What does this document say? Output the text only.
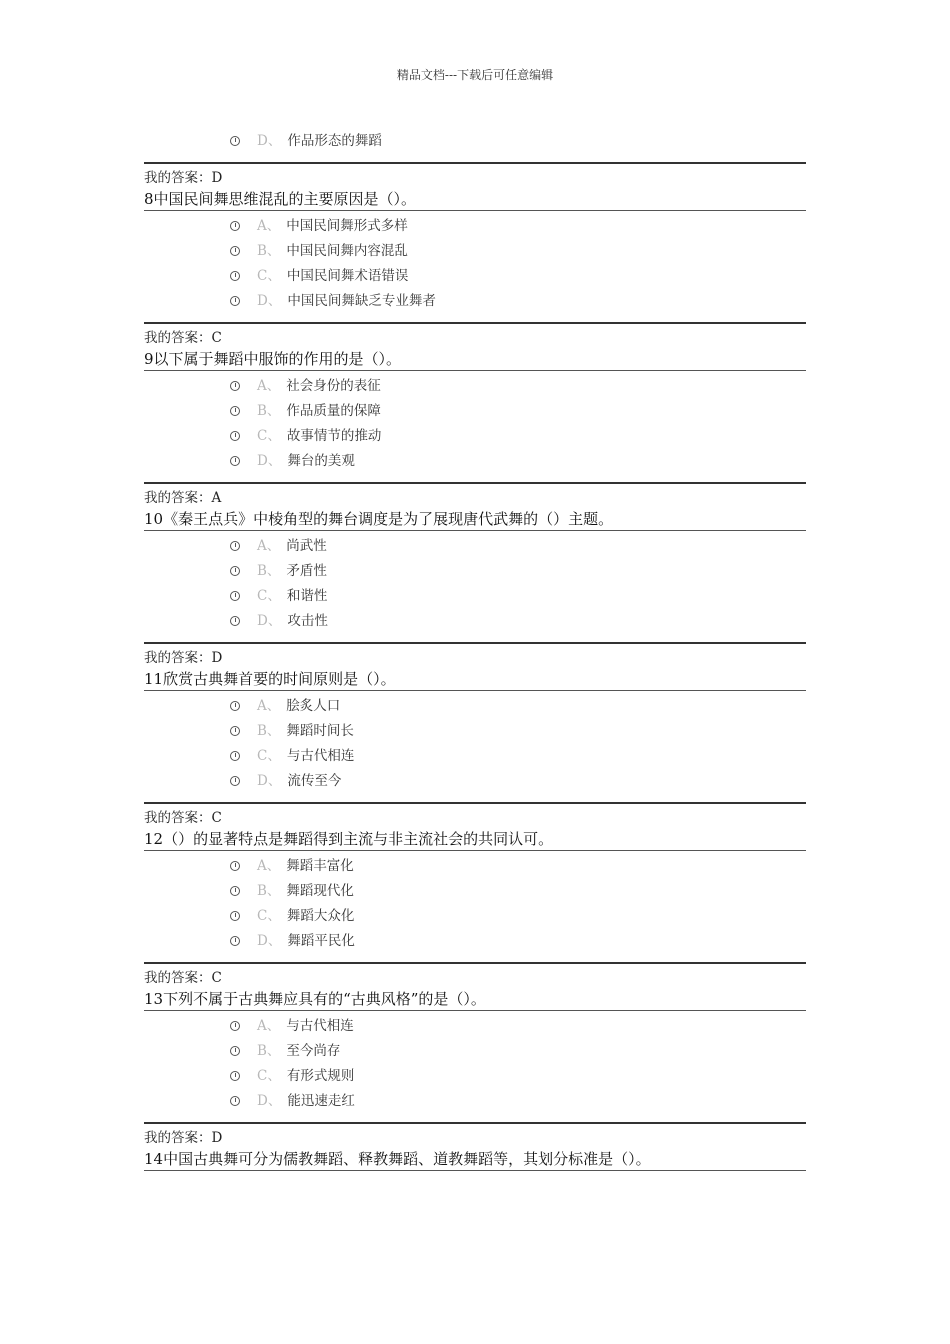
精品文档---下载后可任意编辑
D 、 作品形态的舞蹈
我的答案：D
8中国民间舞思维混乱的主要原因是（）。
A 、 中国民间舞形式多样
B 、 中国民间舞内容混乱
C 、 中国民间舞术语错误
D 、 中国民间舞缺乏专业舞者
我的答案：C
9以下属于舞蹈中服饰的作用的是（）。
A 、 社会身份的表征
B 、 作品质量的保障
C 、 故事情节的推动
D 、 舞台的美观
我的答案：A
10《秦王点兵》中棱角型的舞台调度是为了展现唐代武舞的（）主题。
A 、 尚武性
B 、 矛盾性
C 、 和谐性
D 、 攻击性
我的答案：D
11欣赏古典舞首要的时间原则是（）。
A 、 脍炙人口
B 、 舞蹈时间长
C 、 与古代相连
D 、 流传至今
我的答案：C
12（）的显著特点是舞蹈得到主流与非主流社会的共同认可。
A 、 舞蹈丰富化
B 、 舞蹈现代化
C 、 舞蹈大众化
D 、 舞蹈平民化
我的答案：C
13下列不属于古典舞应具有的“古典风格”的是（）。
A 、 与古代相连
B 、 至今尚存
C 、 有形式规则
D 、 能迅速走红
我的答案：D
14中国古典舞可分为儒教舞蹈、释教舞蹈、道教舞蹈等，其划分标准是（）。
